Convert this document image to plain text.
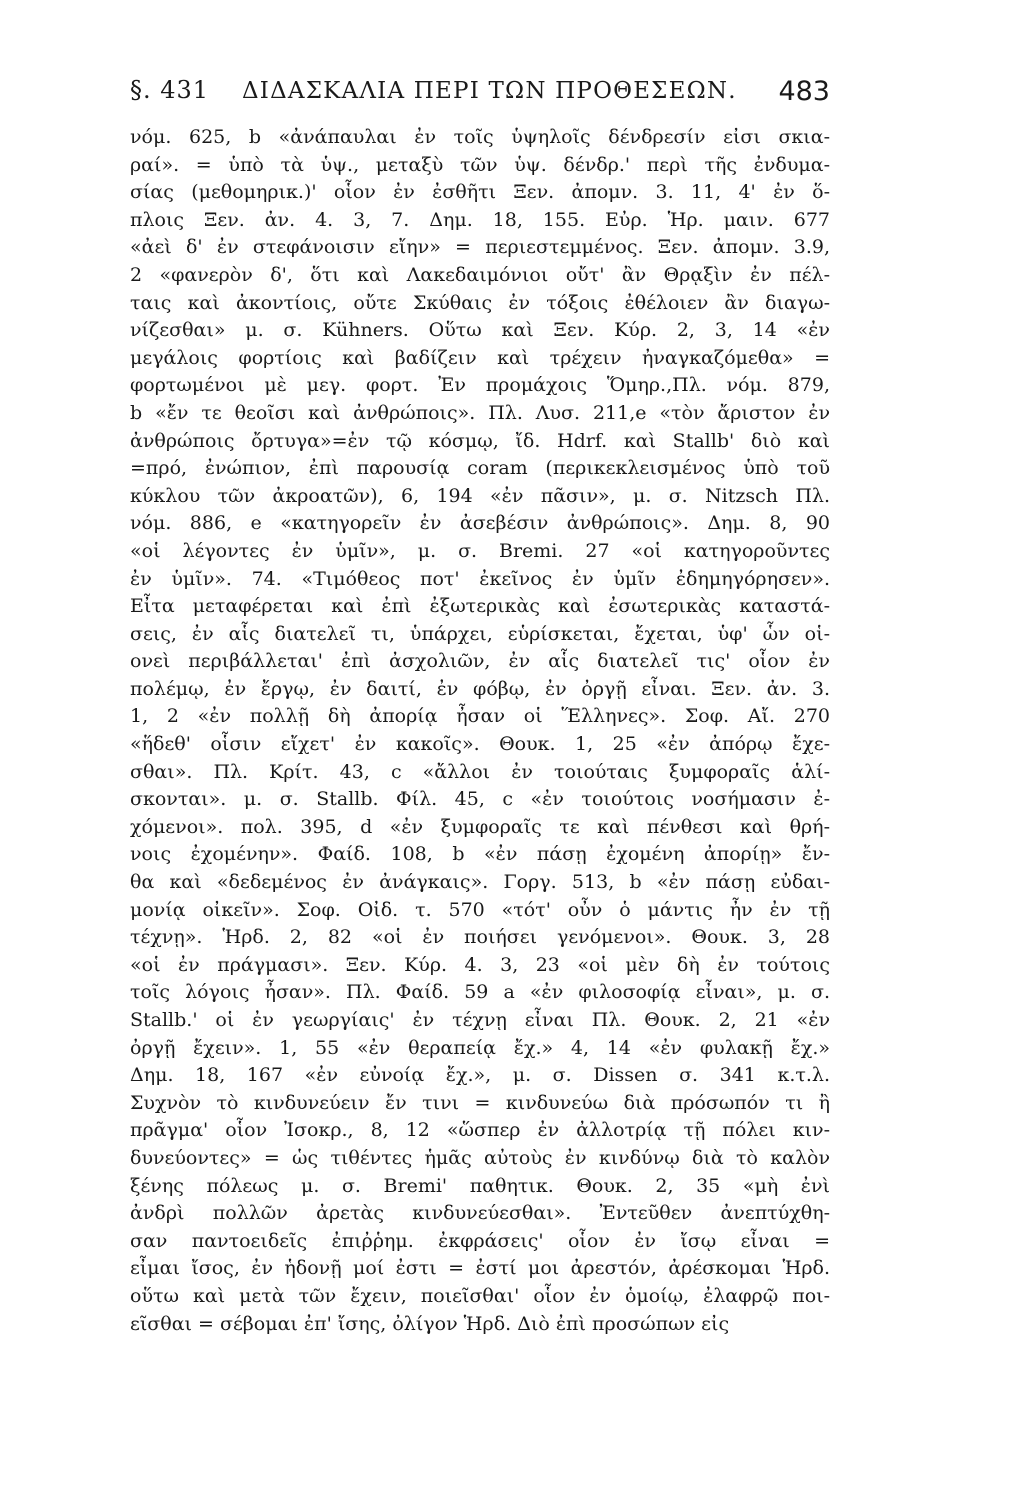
§. 431 ΔΙΔΑΣΚΑΛΙΑ ΠΕΡΙ ΤΩΝ ΠΡΟΘΕΣΕΩΝ. 483
νόμ. 625, b «ἀνάπαυλαι ἐν τοῖς ὑψηλοῖς δένδρεσίν εἰσι σκια-
ραί». = ὑπὸ τὰ ὑψ., μεταξὺ τῶν ὑψ. δένδρ.' περὶ τῆς ἐνδυμα-
σίας (μεθομηρικ.)' οἷον ἐν ἐσθῆτι Ξεν. ἀπομν. 3. 11, 4' ἐν ὅ-
πλοις Ξεν. ἀν. 4. 3, 7. Δημ. 18, 155. Εὐρ. Ἡρ. μαιν. 677
«ἀεὶ δ' ἐν στεφάνοισιν εἴην» = περιεστεμμένος. Ξεν. ἀπομν. 3.9,
2 «φανερὸν δ', ὅτι καὶ Λακεδαιμόνιοι οὔτ' ἂν Θρᾳξὶν ἐν πέλ-
ταις καὶ ἀκοντίοις, οὔτε Σκύθαις ἐν τόξοις ἐθέλοιεν ἂν διαγω-
νίζεσθαι» μ. σ. Kühners. Οὕτω καὶ Ξεν. Κύρ. 2, 3, 14 «ἐν
μεγάλοις φορτίοις καὶ βαδίζειν καὶ τρέχειν ἠναγκαζόμεθα» =
φορτωμένοι μὲ μεγ. φορτ. Ἐν προμάχοις Ὅμηρ.,Πλ. νόμ. 879,
b «ἔν τε θεοῖσι καὶ ἀνθρώποις». Πλ. Λυσ. 211,e «τὸν ἄριστον ἐν
ἀνθρώποις ὄρτυγα»=ἐν τῷ κόσμῳ, ἴδ. Hdrf. καὶ Stallb' διὸ καὶ
=πρό, ἐνώπιον, ἐπὶ παρουσίᾳ coram (περικεκλεισμένος ὑπὸ τοῦ
κύκλου τῶν ἀκροατῶν), 6, 194 «ἐν πᾶσιν», μ. σ. Nitzsch Πλ.
νόμ. 886, e «κατηγορεῖν ἐν ἀσεβέσιν ἀνθρώποις». Δημ. 8, 90
«οἱ λέγοντες ἐν ὑμῖν», μ. σ. Bremi. 27 «οἱ κατηγοροῦντες
ἐν ὑμῖν». 74. «Τιμόθεος ποτ' ἐκεῖνος ἐν ὑμῖν ἐδημηγόρησεν».
Εἶτα μεταφέρεται καὶ ἐπὶ ἐξωτερικὰς καὶ ἐσωτερικὰς καταστά-
σεις, ἐν αἷς διατελεῖ τι, ὑπάρχει, εὑρίσκεται, ἔχεται, ὑφ' ὧν οἱ-
ονεὶ περιβάλλεται' ἐπὶ ἀσχολιῶν, ἐν αἷς διατελεῖ τις' οἷον ἐν
πολέμῳ, ἐν ἔργῳ, ἐν δαιτί, ἐν φόβῳ, ἐν ὀργῇ εἶναι. Ξεν. ἀν. 3.
1, 2 «ἐν πολλῇ δὴ ἀπορίᾳ ἦσαν οἱ Ἕλληνες». Σοφ. Αἴ. 270
«ἥδεθ' οἷσιν εἴχετ' ἐν κακοῖς». Θουκ. 1, 25 «ἐν ἀπόρῳ ἔχε-
σθαι». Πλ. Κρίτ. 43, c «ἄλλοι ἐν τοιούταις ξυμφοραῖς ἁλί-
σκονται». μ. σ. Stallb. Φίλ. 45, c «ἐν τοιούτοις νοσήμασιν ἐ-
χόμενοι». πολ. 395, d «ἐν ξυμφοραῖς τε καὶ πένθεσι καὶ θρή-
νοις ἐχομένην». Φαίδ. 108, b «ἐν πάσῃ ἐχομένη ἀπορίῃ» ἔν-
θα καὶ «δεδεμένος ἐν ἀνάγκαις». Γοργ. 513, b «ἐν πάσῃ εὐδαι-
μονίᾳ οἰκεῖν». Σοφ. Οἰδ. τ. 570 «τότ' οὖν ὁ μάντις ἦν ἐν τῇ
τέχνῃ». Ἡρδ. 2, 82 «οἱ ἐν ποιήσει γενόμενοι». Θουκ. 3, 28
«οἱ ἐν πράγμασι». Ξεν. Κύρ. 4. 3, 23 «οἱ μὲν δὴ ἐν τούτοις
τοῖς λόγοις ἦσαν». Πλ. Φαίδ. 59 a «ἐν φιλοσοφίᾳ εἶναι», μ. σ.
Stallb.' οἱ ἐν γεωργίαις' ἐν τέχνῃ εἶναι Πλ. Θουκ. 2, 21 «ἐν
ὀργῇ ἔχειν». 1, 55 «ἐν θεραπείᾳ ἔχ.» 4, 14 «ἐν φυλακῇ ἔχ.»
Δημ. 18, 167 «ἐν εὐνοίᾳ ἔχ.», μ. σ. Dissen σ. 341 κ.τ.λ.
Συχνὸν τὸ κινδυνεύειν ἔν τινι = κινδυνεύω διὰ πρόσωπόν τι ἢ
πρᾶγμα' οἷον Ἰσοκρ., 8, 12 «ὥσπερ ἐν ἀλλοτρίᾳ τῇ πόλει κιν-
δυνεύοντες» = ὡς τιθέντες ἡμᾶς αὐτοὺς ἐν κινδύνῳ διὰ τὸ καλὸν
ξένης πόλεως μ. σ. Bremi' παθητικ. Θουκ. 2, 35 «μὴ ἐνὶ
ἀνδρὶ πολλῶν ἀρετὰς κινδυνεύεσθαι». Ἐντεῦθεν ἀνεπτύχθη-
σαν παντοειδεῖς ἐπιῤῥημ. ἐκφράσεις' οἷον ἐν ἴσῳ εἶναι =
εἶμαι ἴσος, ἐν ἡδονῇ μοί ἐστι = ἐστί μοι ἀρεστόν, ἀρέσκομαι Ἡρδ.
οὕτω καὶ μετὰ τῶν ἔχειν, ποιεῖσθαι' οἷον ἐν ὁμοίῳ, ἐλαφρῷ ποι-
εῖσθαι = σέβομαι ἐπ' ἴσης, ὀλίγον Ἡρδ. Διὸ ἐπὶ προσώπων εἰς
